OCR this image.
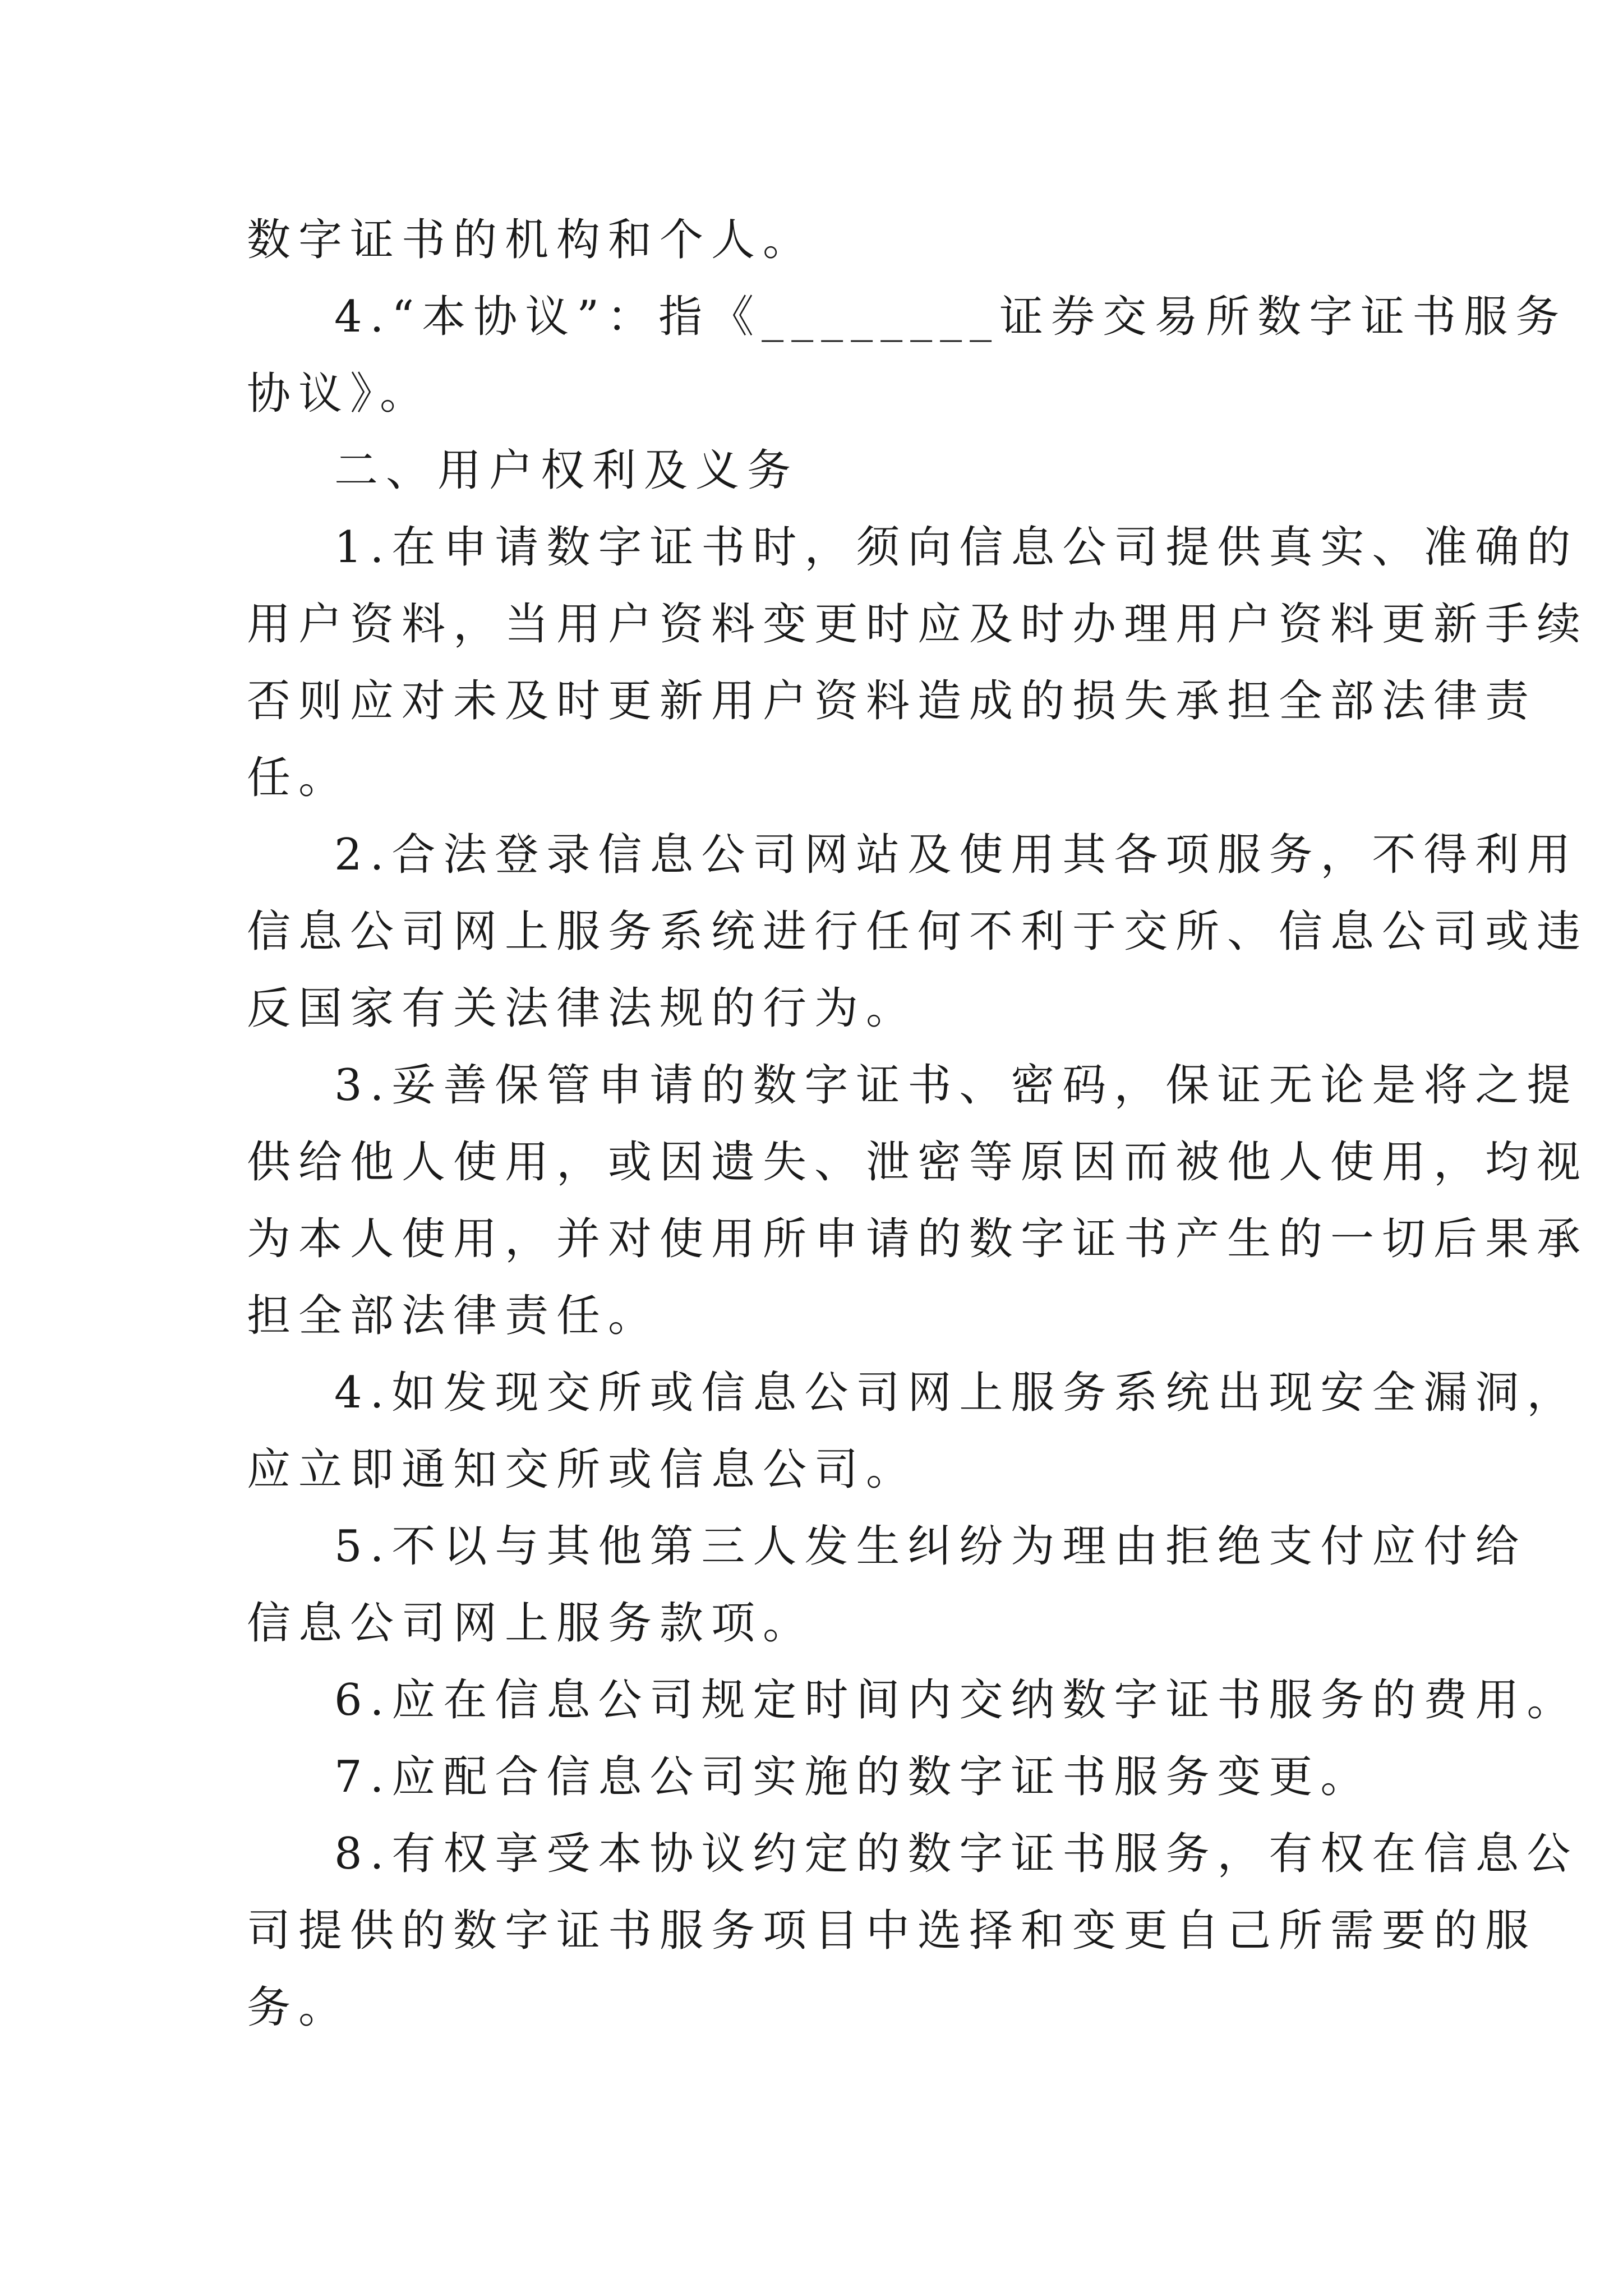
数字证书的机构和个人。
4.“本协议”：指《________证券交易所数字证书服务
协议》。
二、用户权利及义务
1.在申请数字证书时，须向信息公司提供真实、准确的
用户资料，当用户资料变更时应及时办理用户资料更新手续
否则应对未及时更新用户资料造成的损失承担全部法律责
任。
2.合法登录信息公司网站及使用其各项服务，不得利用
信息公司网上服务系统进行任何不利于交所、信息公司或违
反国家有关法律法规的行为。
3.妥善保管申请的数字证书、密码，保证无论是将之提
供给他人使用，或因遗失、泄密等原因而被他人使用，均视
为本人使用，并对使用所申请的数字证书产生的一切后果承
担全部法律责任。
4.如发现交所或信息公司网上服务系统出现安全漏洞，
应立即通知交所或信息公司。
5.不以与其他第三人发生纠纷为理由拒绝支付应付给
信息公司网上服务款项。
6.应在信息公司规定时间内交纳数字证书服务的费用。
7.应配合信息公司实施的数字证书服务变更。
8.有权享受本协议约定的数字证书服务，有权在信息公
司提供的数字证书服务项目中选择和变更自己所需要的服
务。
